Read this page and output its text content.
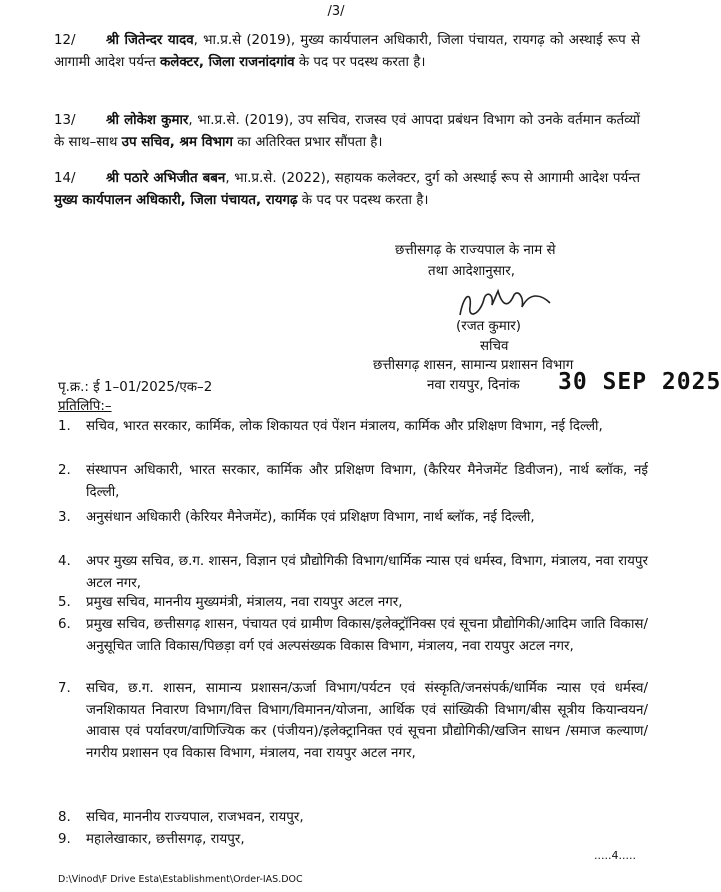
/3/
12/ श्री जितेन्दर यादव, भा.प्र.से (2019), मुख्य कार्यपालन अधिकारी, जिला पंचायत, रायगढ़ को अस्थाई रूप से आगामी आदेश पर्यन्त कलेक्टर, जिला राजनांदगांव के पद पर पदस्थ करता है।
13/ श्री लोकेश कुमार, भा.प्र.से. (2019), उप सचिव, राजस्व एवं आपदा प्रबंधन विभाग को उनके वर्तमान कर्तव्यों के साथ–साथ उप सचिव, श्रम विभाग का अतिरिक्त प्रभार सौंपता है।
14/ श्री पठारे अभिजीत बबन, भा.प्र.से. (2022), सहायक कलेक्टर, दुर्ग को अस्थाई रूप से आगामी आदेश पर्यन्त मुख्य कार्यपालन अधिकारी, जिला पंचायत, रायगढ़ के पद पर पदस्थ करता है।
छत्तीसगढ़ के राज्यपाल के नाम से
तथा आदेशानुसार,
(रजत कुमार)
सचिव
छत्तीसगढ़ शासन, सामान्य प्रशासन विभाग
नवा रायपुर, दिनांक 30 SEP 2025
पृ.क्र.: ई 1–01/2025/एक–2
प्रतिलिपि:–
1. सचिव, भारत सरकार, कार्मिक, लोक शिकायत एवं पेंशन मंत्रालय, कार्मिक और प्रशिक्षण विभाग, नई दिल्ली,
2. संस्थापन अधिकारी, भारत सरकार, कार्मिक और प्रशिक्षण विभाग, (कैरियर मैनेजमेंट डिवीजन), नार्थ ब्लॉक, नई दिल्ली,
3. अनुसंधान अधिकारी (केरियर मैनेजमेंट), कार्मिक एवं प्रशिक्षण विभाग, नार्थ ब्लॉक, नई दिल्ली,
4. अपर मुख्य सचिव, छ.ग. शासन, विज्ञान एवं प्रौद्योगिकी विभाग/धार्मिक न्यास एवं धर्मस्व, विभाग, मंत्रालय, नवा रायपुर अटल नगर,
5. प्रमुख सचिव, माननीय मुख्यमंत्री, मंत्रालय, नवा रायपुर अटल नगर,
6. प्रमुख सचिव, छत्तीसगढ़ शासन, पंचायत एवं ग्रामीण विकास/इलेक्ट्रॉनिक्स एवं सूचना प्रौद्योगिकी/आदिम जाति विकास/अनुसूचित जाति विकास/पिछड़ा वर्ग एवं अल्पसंख्यक विकास विभाग, मंत्रालय, नवा रायपुर अटल नगर,
7. सचिव, छ.ग. शासन, सामान्य प्रशासन/ऊर्जा विभाग/पर्यटन एवं संस्कृति/जनसंपर्क/धार्मिक न्यास एवं धर्मस्व/जनशिकायत निवारण विभाग/वित्त विभाग/विमानन/योजना, आर्थिक एवं सांख्यिकी विभाग/बीस सूत्रीय कियान्वयन/आवास एवं पर्यावरण/वाणिज्यिक कर (पंजीयन)/इलेक्ट्रानिक्त एवं सूचना प्रौद्योगिकी/खजिन साधन /समाज कल्याण/नगरीय प्रशासन एव विकास विभाग, मंत्रालय, नवा रायपुर अटल नगर,
8. सचिव, माननीय राज्यपाल, राजभवन, रायपुर,
9. महालेखाकार, छत्तीसगढ़, रायपुर,
.....4.....
D:\Vinod\F Drive Esta\Establishment\Order-IAS.DOC
